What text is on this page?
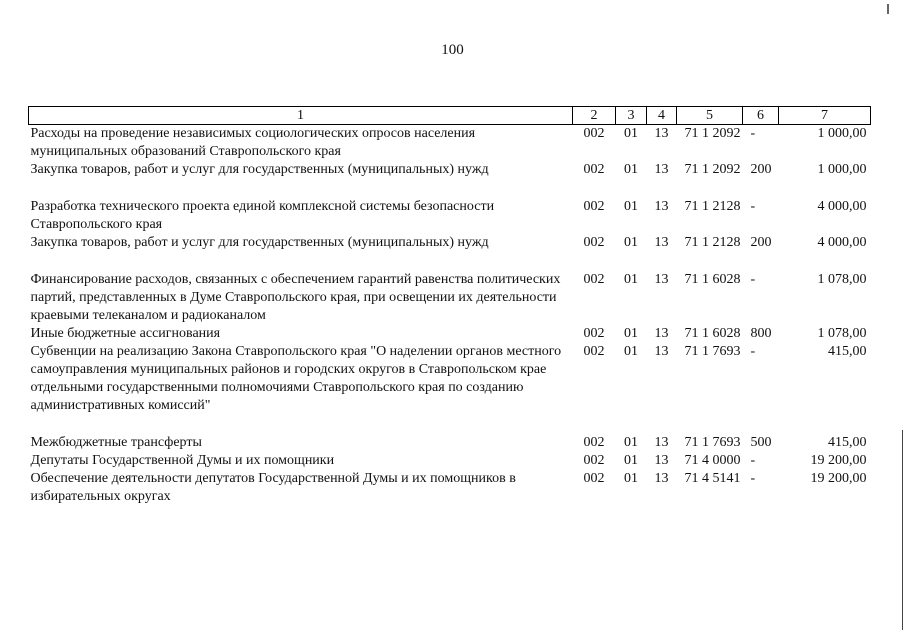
100
1	2	3	4	5	6	7
Расходы на проведение независимых социологических опросов населения муниципальных образований Ставропольского края	002	01	13	71 1 2092	-	1 000,00
Закупка товаров, работ и услуг для государственных (муниципальных) нужд	002	01	13	71 1 2092	200	1 000,00
Разработка технического проекта единой комплексной системы безопасности Ставропольского края	002	01	13	71 1 2128	-	4 000,00
Закупка товаров, работ и услуг для государственных (муниципальных) нужд	002	01	13	71 1 2128	200	4 000,00
Финансирование расходов, связанных с обеспечением гарантий равенства политических партий, представленных в Думе Ставропольского края, при освещении их деятельности краевыми телеканалом и радиоканалом	002	01	13	71 1 6028	-	1 078,00
Иные бюджетные ассигнования	002	01	13	71 1 6028	800	1 078,00
Субвенции на реализацию Закона Ставропольского края "О наделении органов местного самоуправления муниципальных районов и городских округов в Ставропольском крае отдельными государственными полномочиями Ставропольского края по созданию административных комиссий"	002	01	13	71 1 7693	-	415,00
Межбюджетные трансферты	002	01	13	71 1 7693	500	415,00
Депутаты Государственной Думы и их помощники	002	01	13	71 4 0000	-	19 200,00
Обеспечение деятельности депутатов Государственной Думы и их помощников в избирательных округах	002	01	13	71 4 5141	-	19 200,00
